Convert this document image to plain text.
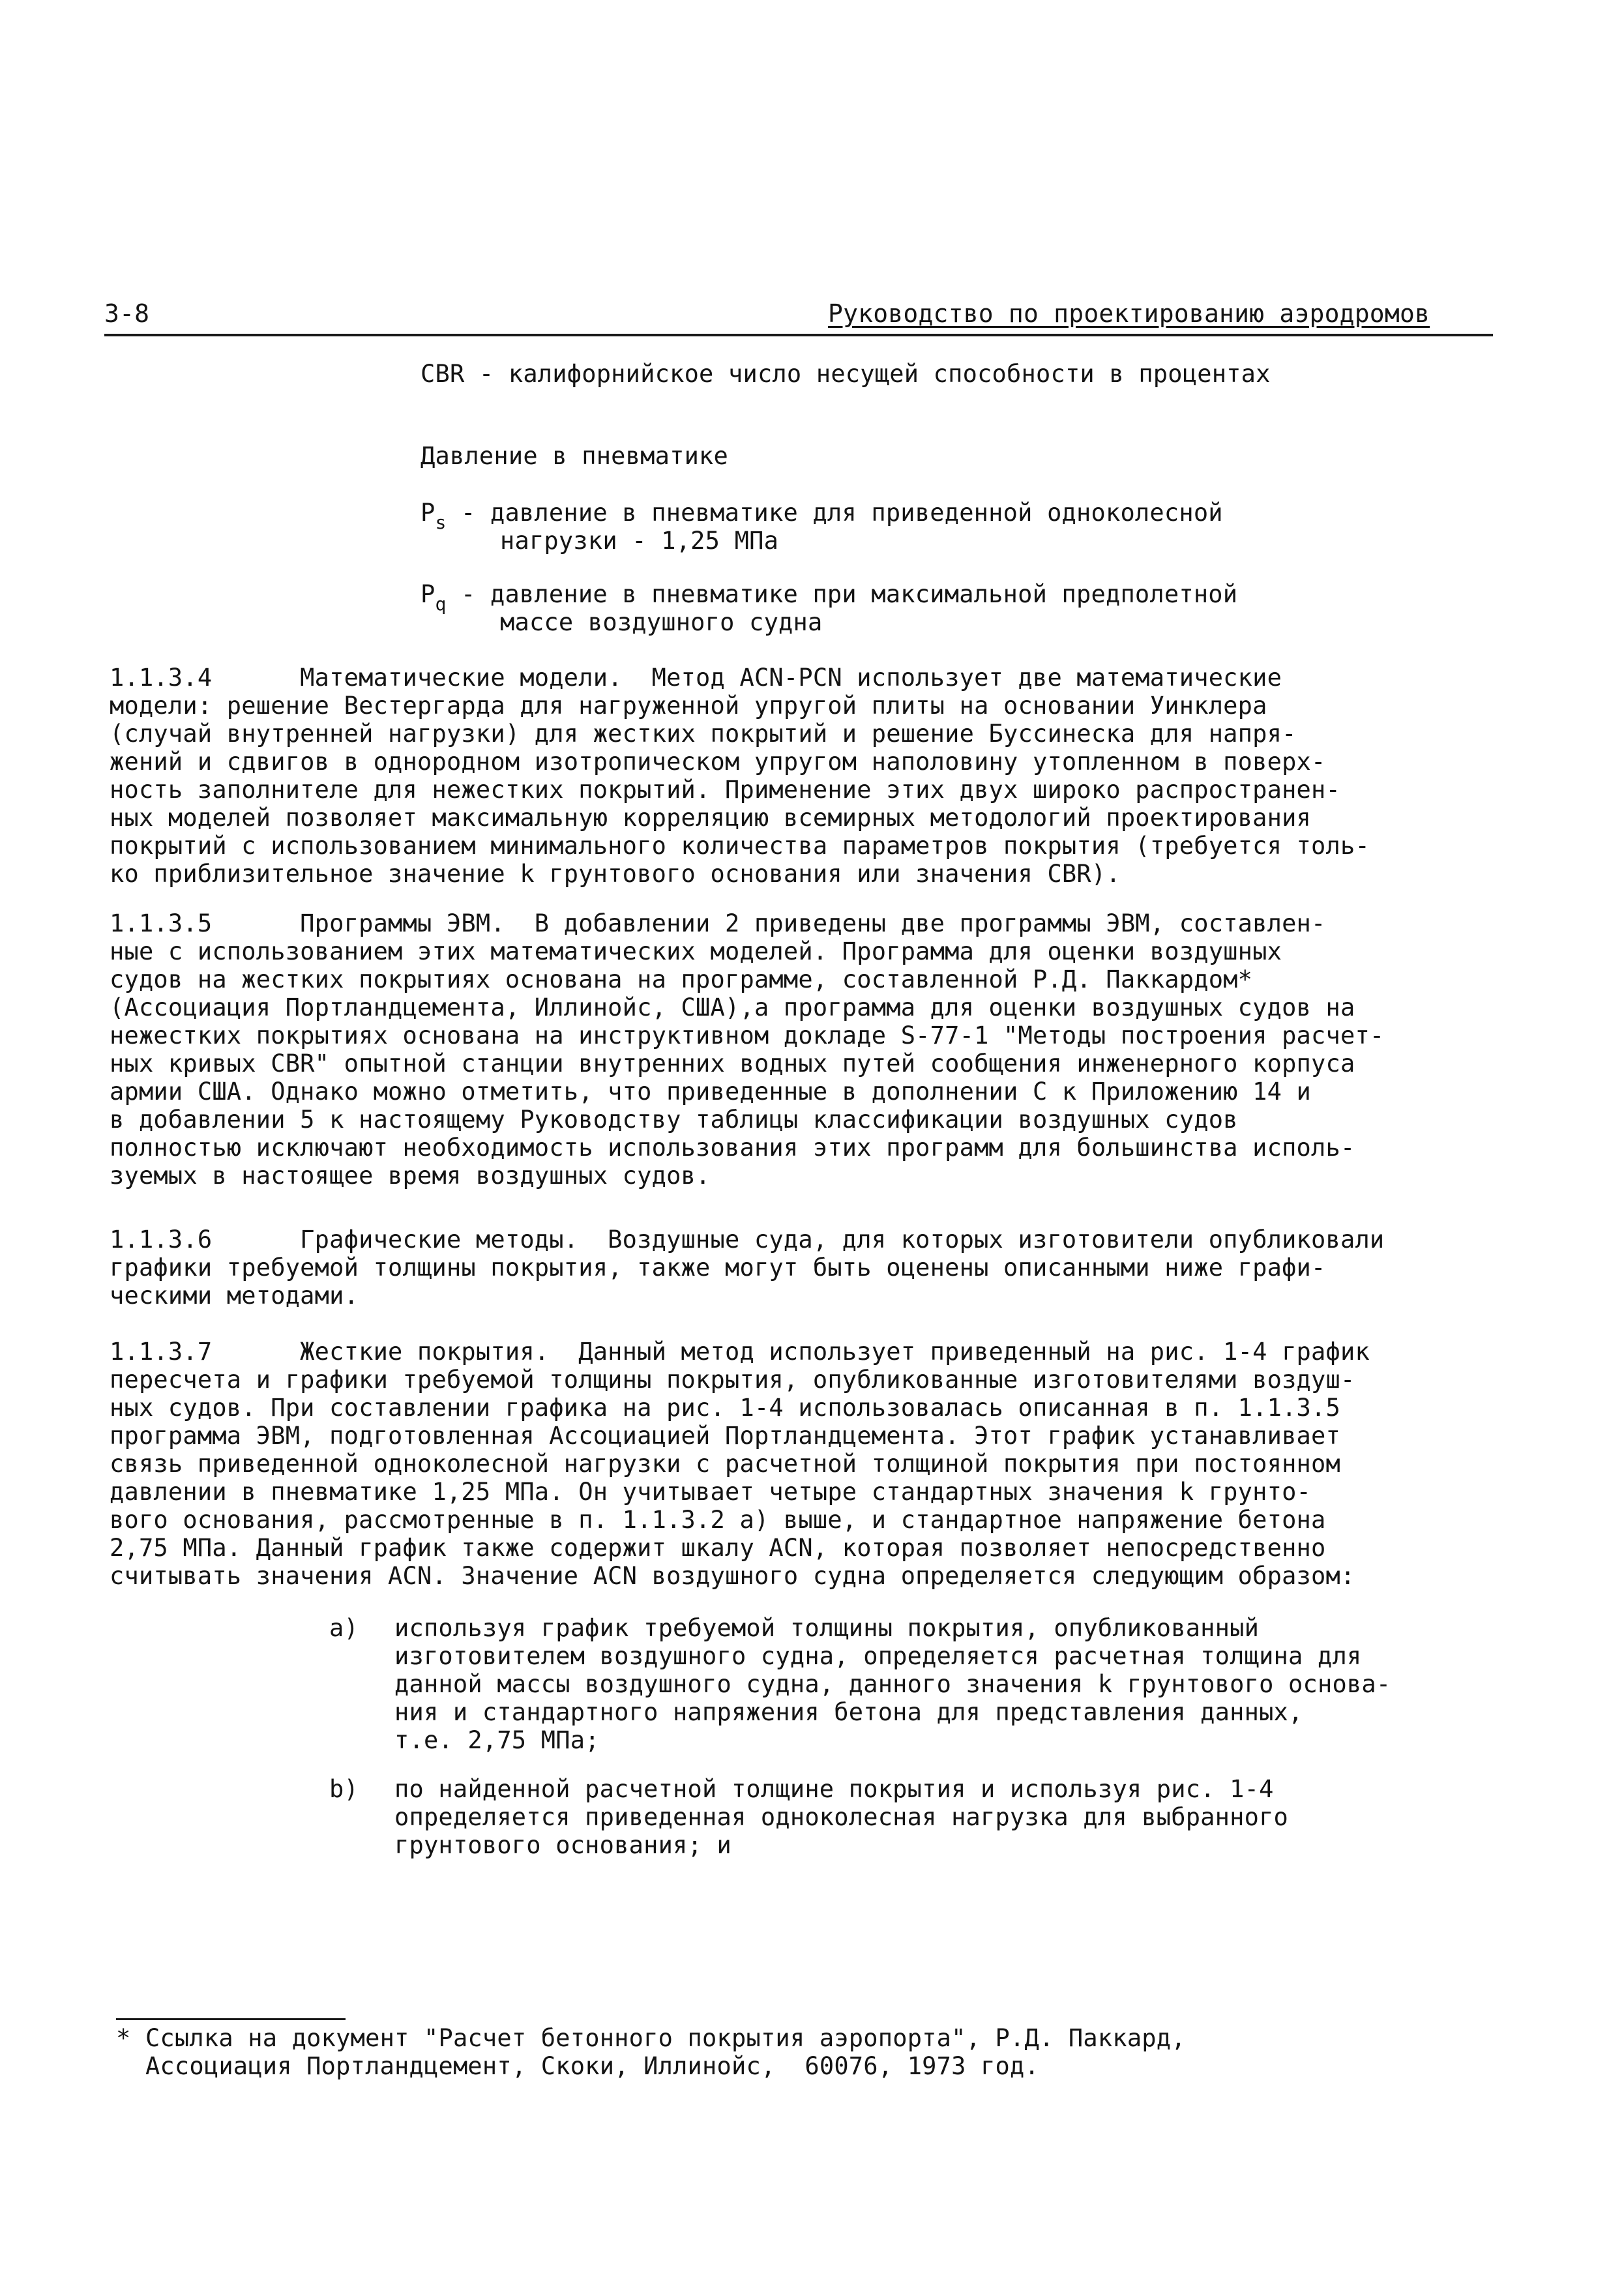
3-8	Руководство по проектированию аэродромов
CBR - калифорнийское число несущей способности в процентах
Давление в пневматике
$P_s$ - давление в пневматике для приведенной одноколесной
нагрузки - 1,25 МПа
$P_q$ - давление в пневматике при максимальной предполетной
массе воздушного судна
1.1.3.4      Математические модели.  Метод ACN-PCN использует две математические
модели: решение Вестергарда для нагруженной упругой плиты на основании Уинклера
(случай внутренней нагрузки) для жестких покрытий и решение Буссинеска для напря-
жений и сдвигов в однородном изотропическом упругом наполовину утопленном в поверх-
ность заполнителе для нежестких покрытий. Применение этих двух широко распространен-
ных моделей позволяет максимальную корреляцию всемирных методологий проектирования
покрытий с использованием минимального количества параметров покрытия (требуется толь-
ко приблизительное значение k грунтового основания или значения CBR).
1.1.3.5      Программы ЭВМ.  В добавлении 2 приведены две программы ЭВМ, составлен-
ные с использованием этих математических моделей. Программа для оценки воздушных
судов на жестких покрытиях основана на программе, составленной Р.Д. Паккардом*
(Ассоциация Портландцемента, Иллинойс, США),а программа для оценки воздушных судов на
нежестких покрытиях основана на инструктивном докладе S-77-1 "Методы построения расчет-
ных кривых CBR" опытной станции внутренних водных путей сообщения инженерного корпуса
армии США. Однако можно отметить, что приведенные в дополнении С к Приложению 14 и
в добавлении 5 к настоящему Руководству таблицы классификации воздушных судов
полностью исключают необходимость использования этих программ для большинства исполь-
зуемых в настоящее время воздушных судов.
1.1.3.6      Графические методы.  Воздушные суда, для которых изготовители опубликовали
графики требуемой толщины покрытия, также могут быть оценены описанными ниже графи-
ческими методами.
1.1.3.7      Жесткие покрытия.  Данный метод использует приведенный на рис. 1-4 график
пересчета и графики требуемой толщины покрытия, опубликованные изготовителями воздуш-
ных судов. При составлении графика на рис. 1-4 использовалась описанная в п. 1.1.3.5
программа ЭВМ, подготовленная Ассоциацией Портландцемента. Этот график устанавливает
связь приведенной одноколесной нагрузки с расчетной толщиной покрытия при постоянном
давлении в пневматике 1,25 МПа. Он учитывает четыре стандартных значения k грунто-
вого основания, рассмотренные в п. 1.1.3.2 а) выше, и стандартное напряжение бетона
2,75 МПа. Данный график также содержит шкалу ACN, которая позволяет непосредственно
считывать значения ACN. Значение ACN воздушного судна определяется следующим образом:
a) используя график требуемой толщины покрытия, опубликованный
изготовителем воздушного судна, определяется расчетная толщина для
данной массы воздушного судна, данного значения k грунтового основа-
ния и стандартного напряжения бетона для представления данных,
т.е. 2,75 МПа;
b) по найденной расчетной толщине покрытия и используя рис. 1-4
определяется приведенная одноколесная нагрузка для выбранного
грунтового основания; и
* Ссылка на документ "Расчет бетонного покрытия аэропорта", Р.Д. Паккард,
Ассоциация Портландцемент, Скоки, Иллинойс,  60076, 1973 год.
